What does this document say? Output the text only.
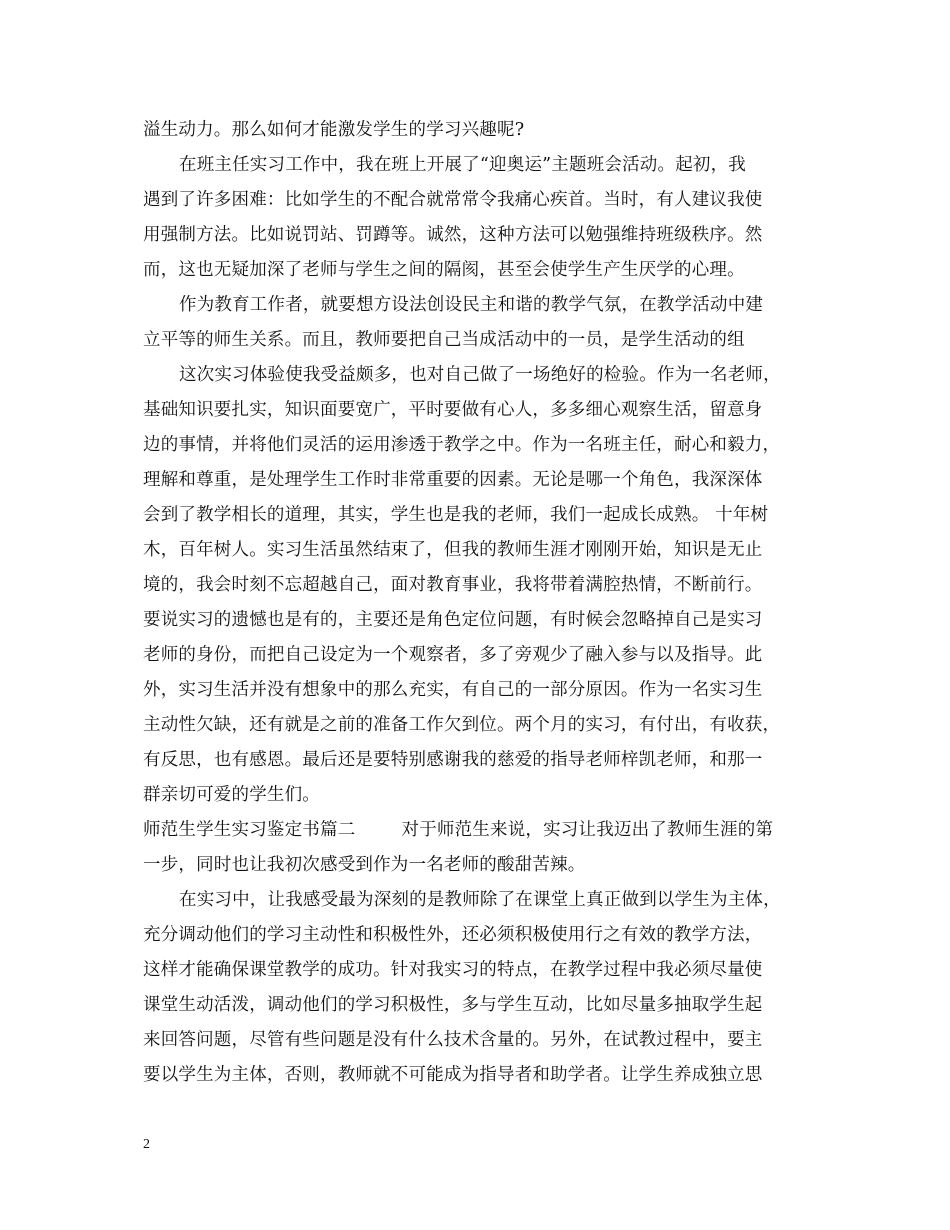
溢生动力。那么如何才能激发学生的学习兴趣呢?
在班主任实习工作中，我在班上开展了“迎奥运”主题班会活动。起初，我
遇到了许多困难：比如学生的不配合就常常令我痛心疾首。当时，有人建议我使
用强制方法。比如说罚站、罚蹲等。诚然，这种方法可以勉强维持班级秩序。然
而，这也无疑加深了老师与学生之间的隔阂，甚至会使学生产生厌学的心理。
作为教育工作者，就要想方设法创设民主和谐的教学气氛，在教学活动中建
立平等的师生关系。而且，教师要把自己当成活动中的一员，是学生活动的组
这次实习体验使我受益颇多，也对自己做了一场绝好的检验。作为一名老师，
基础知识要扎实，知识面要宽广，平时要做有心人，多多细心观察生活，留意身
边的事情，并将他们灵活的运用渗透于教学之中。作为一名班主任，耐心和毅力，
理解和尊重，是处理学生工作时非常重要的因素。无论是哪一个角色，我深深体
会到了教学相长的道理，其实，学生也是我的老师，我们一起成长成熟。 十年树
木，百年树人。实习生活虽然结束了，但我的教师生涯才刚刚开始，知识是无止
境的，我会时刻不忘超越自己，面对教育事业，我将带着满腔热情，不断前行。
要说实习的遗憾也是有的，主要还是角色定位问题，有时候会忽略掉自己是实习
老师的身份，而把自己设定为一个观察者，多了旁观少了融入参与以及指导。此
外，实习生活并没有想象中的那么充实，有自己的一部分原因。作为一名实习生
主动性欠缺，还有就是之前的准备工作欠到位。两个月的实习，有付出，有收获，
有反思，也有感恩。最后还是要特别感谢我的慈爱的指导老师梓凯老师，和那一
群亲切可爱的学生们。
师范生学生实习鉴定书篇二        对于师范生来说，实习让我迈出了教师生涯的第
一步，同时也让我初次感受到作为一名老师的酸甜苦辣。
在实习中，让我感受最为深刻的是教师除了在课堂上真正做到以学生为主体，
充分调动他们的学习主动性和积极性外，还必须积极使用行之有效的教学方法，
这样才能确保课堂教学的成功。针对我实习的特点，在教学过程中我必须尽量使
课堂生动活泼，调动他们的学习积极性，多与学生互动，比如尽量多抽取学生起
来回答问题，尽管有些问题是没有什么技术含量的。另外，在试教过程中，要主
要以学生为主体，否则，教师就不可能成为指导者和助学者。让学生养成独立思
2
